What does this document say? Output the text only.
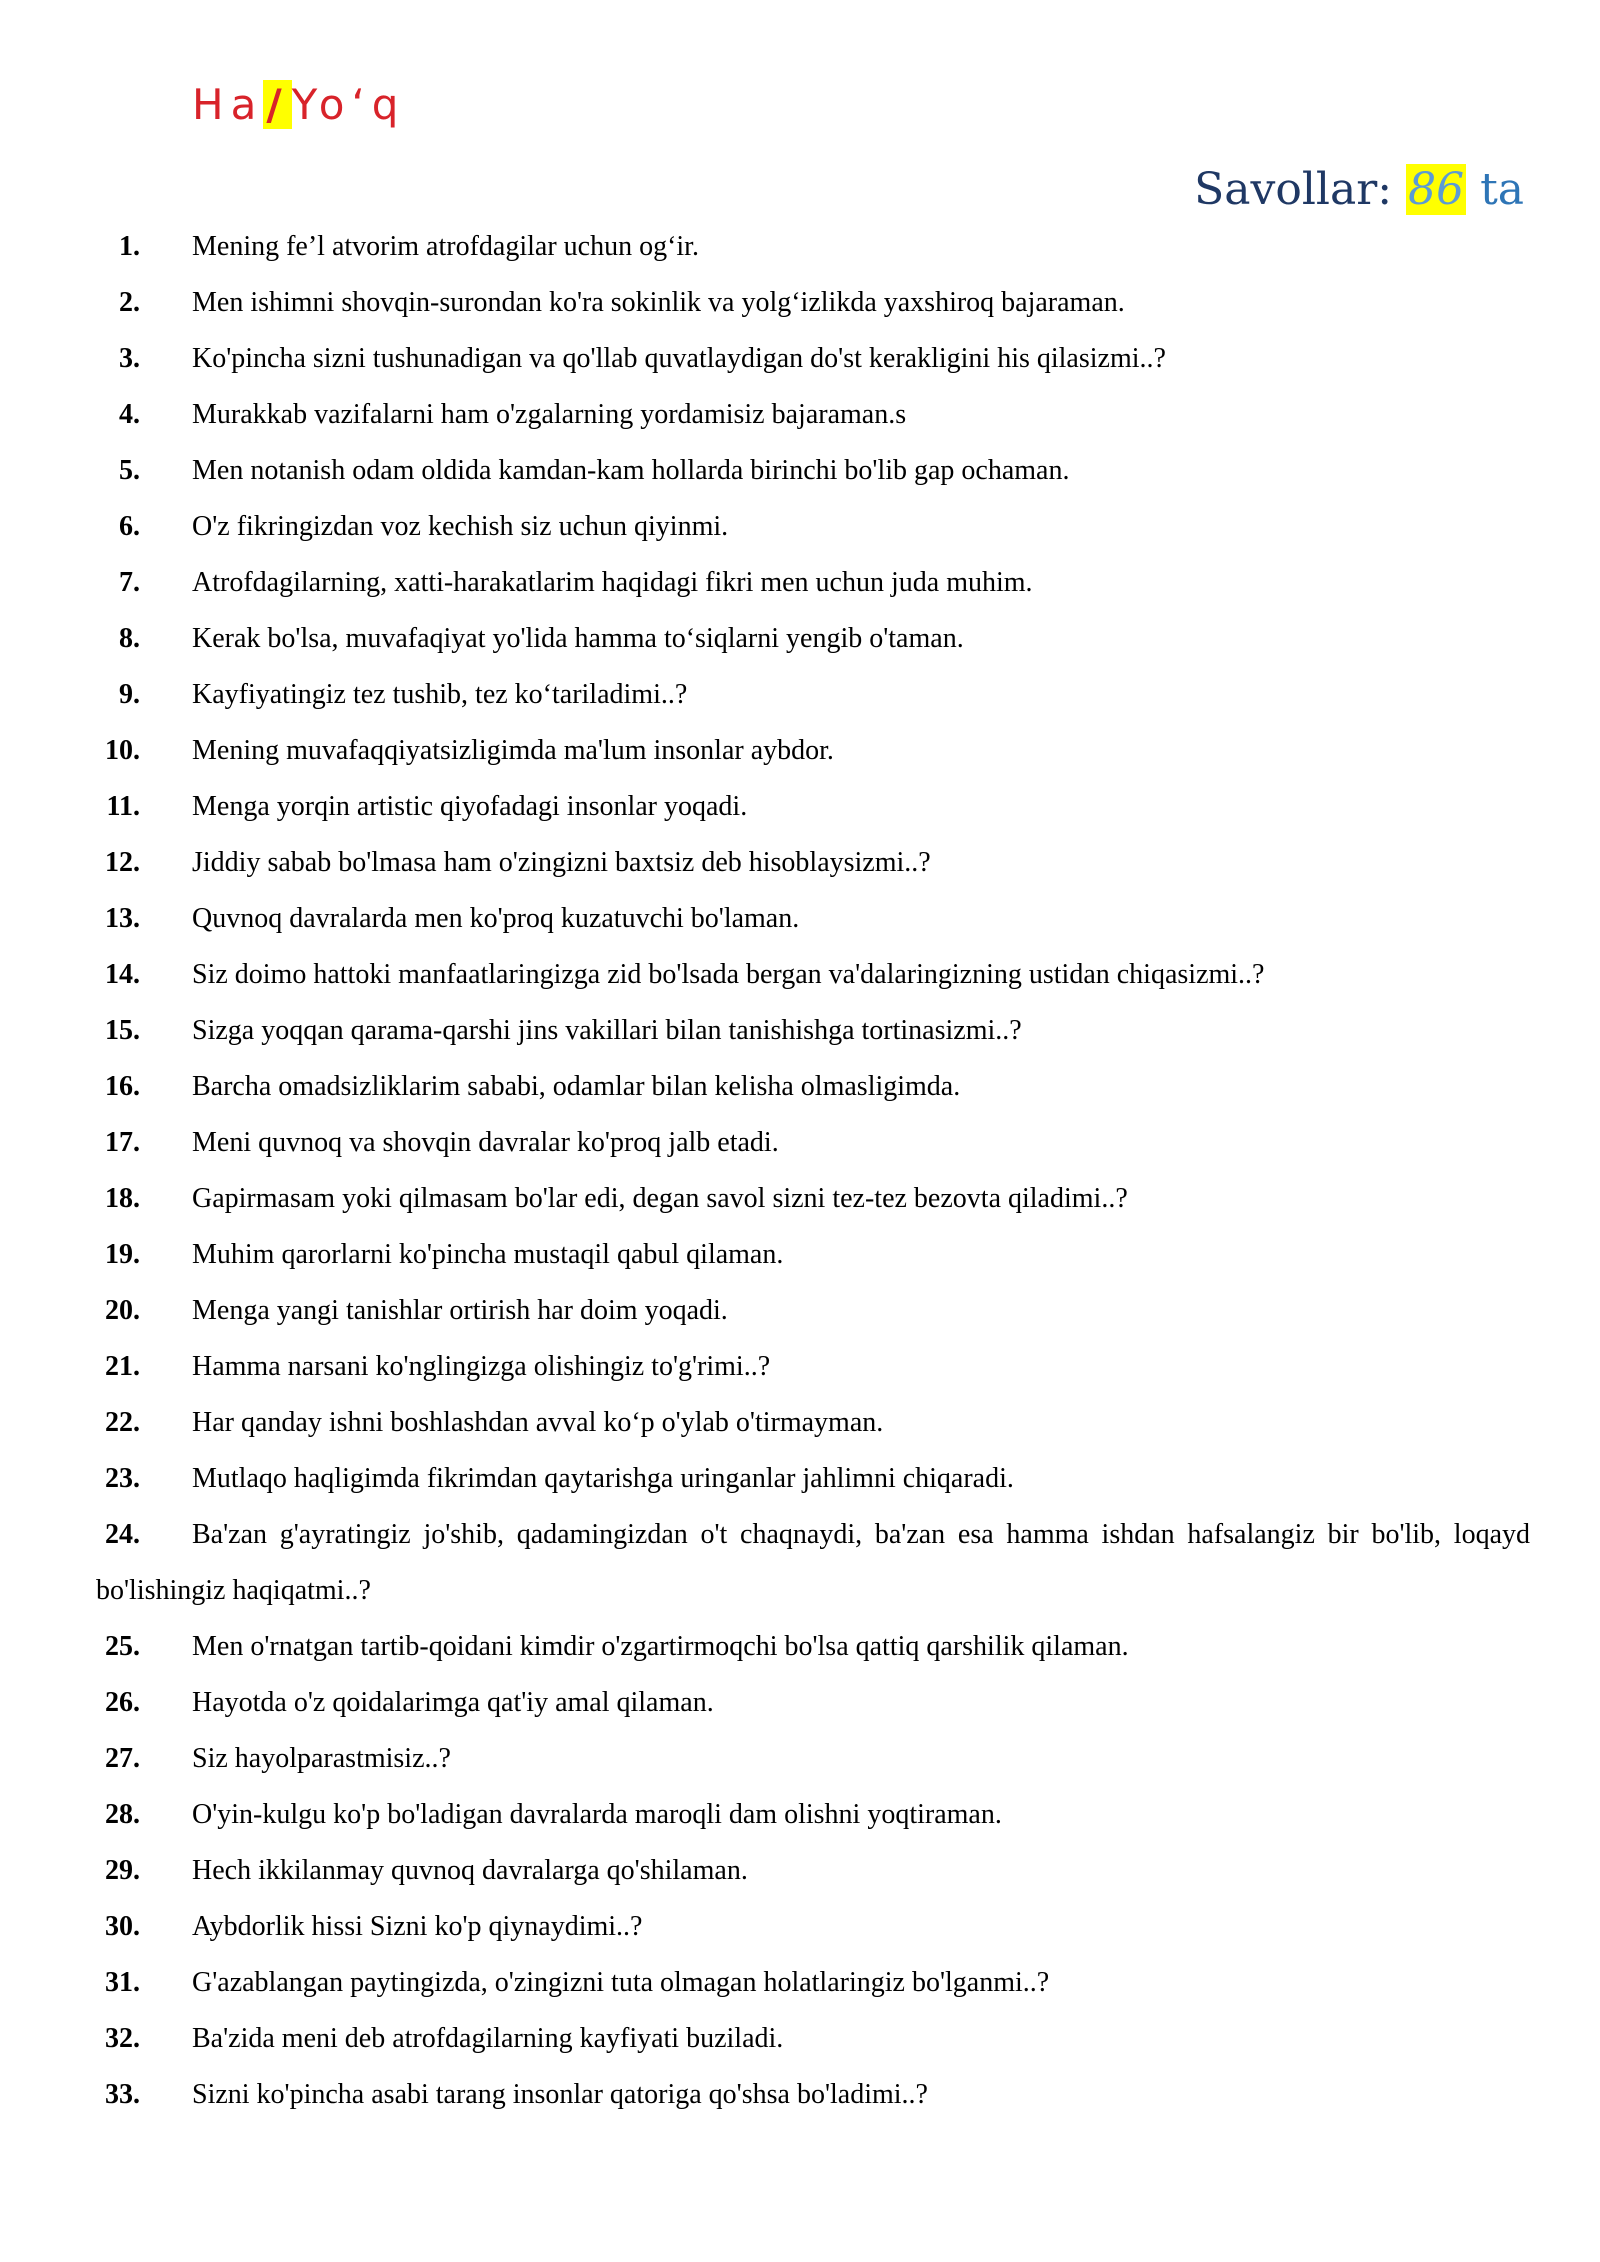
Ha/Yo‘q
Savollar: 86 ta
1. Mening fe’l atvorim atrofdagilar uchun og‘ir.
2. Men ishimni shovqin-surondan ko'ra sokinlik va yolg‘izlikda yaxshiroq bajaraman.
3. Ko'pincha sizni tushunadigan va qo'llab quvatlaydigan do'st kerakligini his qilasizmi..?
4. Murakkab vazifalarni ham o'zgalarning yordamisiz bajaraman.s
5. Men notanish odam oldida kamdan-kam hollarda birinchi bo'lib gap ochaman.
6. O'z fikringizdan voz kechish siz uchun qiyinmi.
7. Atrofdagilarning, xatti-harakatlarim haqidagi fikri men uchun juda muhim.
8. Kerak bo'lsa, muvafaqiyat yo'lida hamma to‘siqlarni yengib o'taman.
9. Kayfiyatingiz tez tushib, tez ko‘tariladimi..?
10. Mening muvafaqqiyatsizligimda ma'lum insonlar aybdor.
11. Menga yorqin artistic qiyofadagi insonlar yoqadi.
12. Jiddiy sabab bo'lmasa ham o'zingizni baxtsiz deb hisoblaysizmi..?
13. Quvnoq davralarda men ko'proq kuzatuvchi bo'laman.
14. Siz doimo hattoki manfaatlaringizga zid bo'lsada bergan va'dalaringizning ustidan chiqasizmi..?
15. Sizga yoqqan qarama-qarshi jins vakillari bilan tanishishga tortinasizmi..?
16. Barcha omadsizliklarim sababi, odamlar bilan kelisha olmasligimda.
17. Meni quvnoq va shovqin davralar ko'proq jalb etadi.
18. Gapirmasam yoki qilmasam bo'lar edi, degan savol sizni tez-tez bezovta qiladimi..?
19. Muhim qarorlarni ko'pincha mustaqil qabul qilaman.
20. Menga yangi tanishlar ortirish har doim yoqadi.
21. Hamma narsani ko'nglingizga olishingiz to'g'rimi..?
22. Har qanday ishni boshlashdan avval ko‘p o'ylab o'tirmayman.
23. Mutlaqo haqligimda fikrimdan qaytarishga uringanlar jahlimni chiqaradi.
24.	Ba'zan g'ayratingiz jo'shib, qadamingizdan o't chaqnaydi, ba'zan esa hamma ishdan hafsalangiz bir bo'lib, loqayd bo'lishingiz haqiqatmi..?
25. Men o'rnatgan tartib-qoidani kimdir o'zgartirmoqchi bo'lsa qattiq qarshilik qilaman.
26. Hayotda o'z qoidalarimga qat'iy amal qilaman.
27. Siz hayolparastmisiz..?
28. O'yin-kulgu ko'p bo'ladigan davralarda maroqli dam olishni yoqtiraman.
29. Hech ikkilanmay quvnoq davralarga qo'shilaman.
30. Aybdorlik hissi Sizni ko'p qiynaydimi..?
31. G'azablangan paytingizda, o'zingizni tuta olmagan holatlaringiz bo'lganmi..?
32. Ba'zida meni deb atrofdagilarning kayfiyati buziladi.
33. Sizni ko'pincha asabi tarang insonlar qatoriga qo'shsa bo'ladimi..?
